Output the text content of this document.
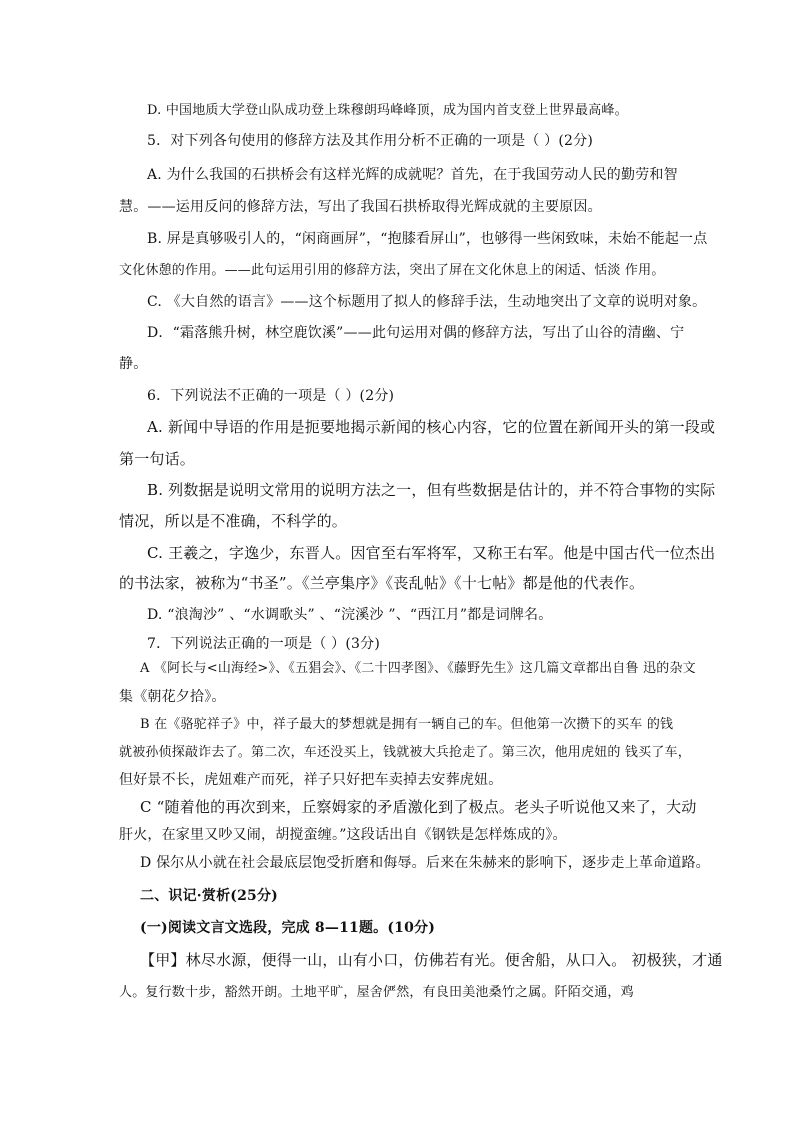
D. 中国地质大学登山队成功登上珠穆朗玛峰峰顶，成为国内首支登上世界最高峰。
5．对下列各句使用的修辞方法及其作用分析不正确的一项是（ ）(2分)
A. 为什么我国的石拱桥会有这样光辉的成就呢？首先，在于我国劳动人民的勤劳和智
慧。——运用反问的修辞方法，写出了我国石拱桥取得光辉成就的主要原因。
B. 屏是真够吸引人的，“闲商画屏”，“抱膝看屏山”，也够得一些闲致味，未始不能起一点
文化休憩的作用。——此句运用引用的修辞方法，突出了屏在文化休息上的闲适、恬淡 作用。
C. 《大自然的语言》——这个标题用了拟人的修辞手法，生动地突出了文章的说明对象。
D．“霜落熊升树，林空鹿饮溪”——此句运用对偶的修辞方法，写出了山谷的清幽、宁
静。
6．下列说法不正确的一项是（ ）(2分)
A. 新闻中导语的作用是扼要地揭示新闻的核心内容，它的位置在新闻开头的第一段或
第一句话。
B. 列数据是说明文常用的说明方法之一，但有些数据是估计的，并不符合事物的实际
情况，所以是不准确，不科学的。
C. 王羲之，字逸少，东晋人。因官至右军将军，又称王右军。他是中国古代一位杰出
的书法家，被称为“书圣”。《兰亭集序》《丧乱帖》《十七帖》都是他的代表作。
D. “浪淘沙” 、“水调歌头” 、“浣溪沙 ”、“西江月”都是词牌名。
7．下列说法正确的一项是（ ）(3分)
A 《阿长与<山海经>》、《五猖会》、《二十四孝图》、《藤野先生》这几篇文章都出自鲁 迅的杂文
集《朝花夕拾》。
B 在《骆驼祥子》中，祥子最大的梦想就是拥有一辆自己的车。但他第一次攒下的买车 的钱
就被孙侦探敲诈去了。第二次，车还没买上，钱就被大兵抢走了。第三次，他用虎妞的 钱买了车，
但好景不长，虎妞难产而死，祥子只好把车卖掉去安葬虎妞。
C “随着他的再次到来，丘察姆家的矛盾激化到了极点。老头子听说他又来了，大动
肝火，在家里又吵又闹，胡搅蛮缠。”这段话出自《钢铁是怎样炼成的》。
D 保尔从小就在社会最底层饱受折磨和侮辱。后来在朱赫来的影响下，逐步走上革命道路。
二、识记·赏析(25分)
(一)阅读文言文选段，完成 8—11题。(10分)
【甲】林尽水源，便得一山，山有小口，仿佛若有光。便舍船，从口入。 初极狭，才通
人。复行数十步，豁然开朗。土地平旷，屋舍俨然，有良田美池桑竹之属。阡陌交通，鸡
